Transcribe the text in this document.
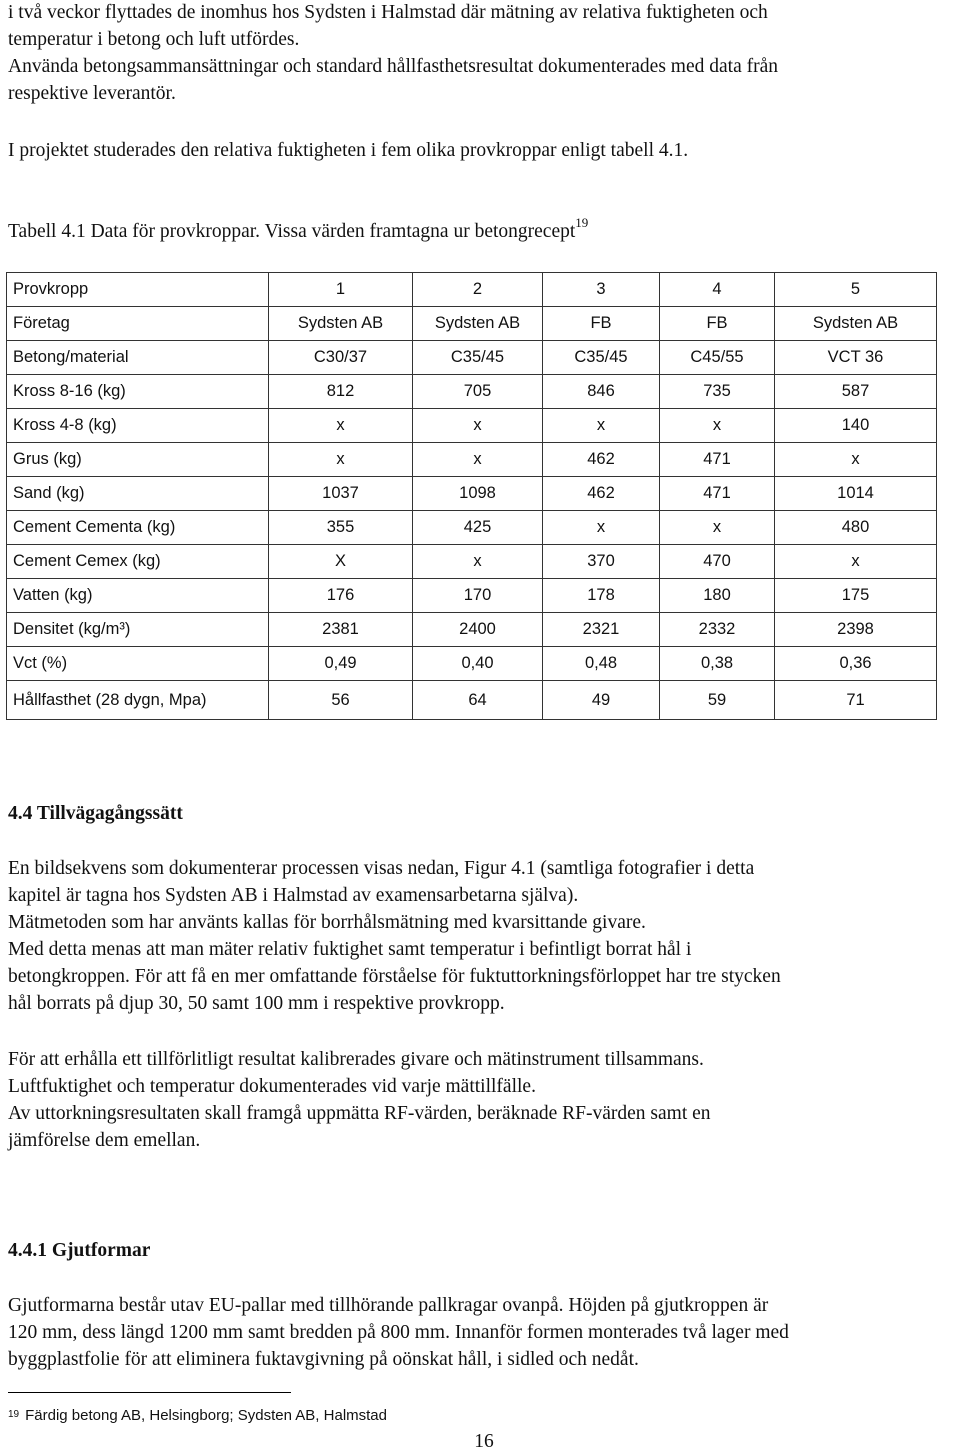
i två veckor flyttades de inomhus hos Sydsten i Halmstad där mätning av relativa fuktigheten och
temperatur i betong och luft utfördes.
Använda betongsammansättningar och standard hållfasthetsresultat dokumenterades med data från
respektive leverantör.
I projektet studerades den relativa fuktigheten i fem olika provkroppar enligt tabell 4.1.
Tabell 4.1 Data för provkroppar. Vissa värden framtagna ur betongrecept$^{19}$
Provkropp	1	2	3	4	5
Företag	Sydsten AB	Sydsten AB	FB	FB	Sydsten AB
Betong/material	C30/37	C35/45	C35/45	C45/55	VCT 36
Kross 8-16 (kg)	812	705	846	735	587
Kross 4-8 (kg)	x	x	x	x	140
Grus (kg)	x	x	462	471	x
Sand (kg)	1037	1098	462	471	1014
Cement Cementa (kg)	355	425	x	x	480
Cement Cemex (kg)	X	x	370	470	x
Vatten (kg)	176	170	178	180	175
Densitet (kg/m³)	2381	2400	2321	2332	2398
Vct (%)	0,49	0,40	0,48	0,38	0,36
Hållfasthet (28 dygn, Mpa)	56	64	49	59	71
4.4 Tillvägagångssätt
En bildsekvens som dokumenterar processen visas nedan, Figur 4.1 (samtliga fotografier i detta
kapitel är tagna hos Sydsten AB i Halmstad av examensarbetarna själva).
Mätmetoden som har använts kallas för borrhålsmätning med kvarsittande givare.
Med detta menas att man mäter relativ fuktighet samt temperatur i befintligt borrat hål i
betongkroppen. För att få en mer omfattande förståelse för fuktuttorkningsförloppet har tre stycken
hål borrats på djup 30, 50 samt 100 mm i respektive provkropp.
För att erhålla ett tillförlitligt resultat kalibrerades givare och mätinstrument tillsammans.
Luftfuktighet och temperatur dokumenterades vid varje mättillfälle.
Av uttorkningsresultaten skall framgå uppmätta RF-värden, beräknade RF-värden samt en
jämförelse dem emellan.
4.4.1 Gjutformar
Gjutformarna består utav EU-pallar med tillhörande pallkragar ovanpå. Höjden på gjutkroppen är
120 mm, dess längd 1200 mm samt bredden på 800 mm. Innanför formen monterades två lager med
byggplastfolie för att eliminera fuktavgivning på oönskat håll, i sidled och nedåt.
$^{19}$ Färdig betong AB, Helsingborg; Sydsten AB, Halmstad
16
